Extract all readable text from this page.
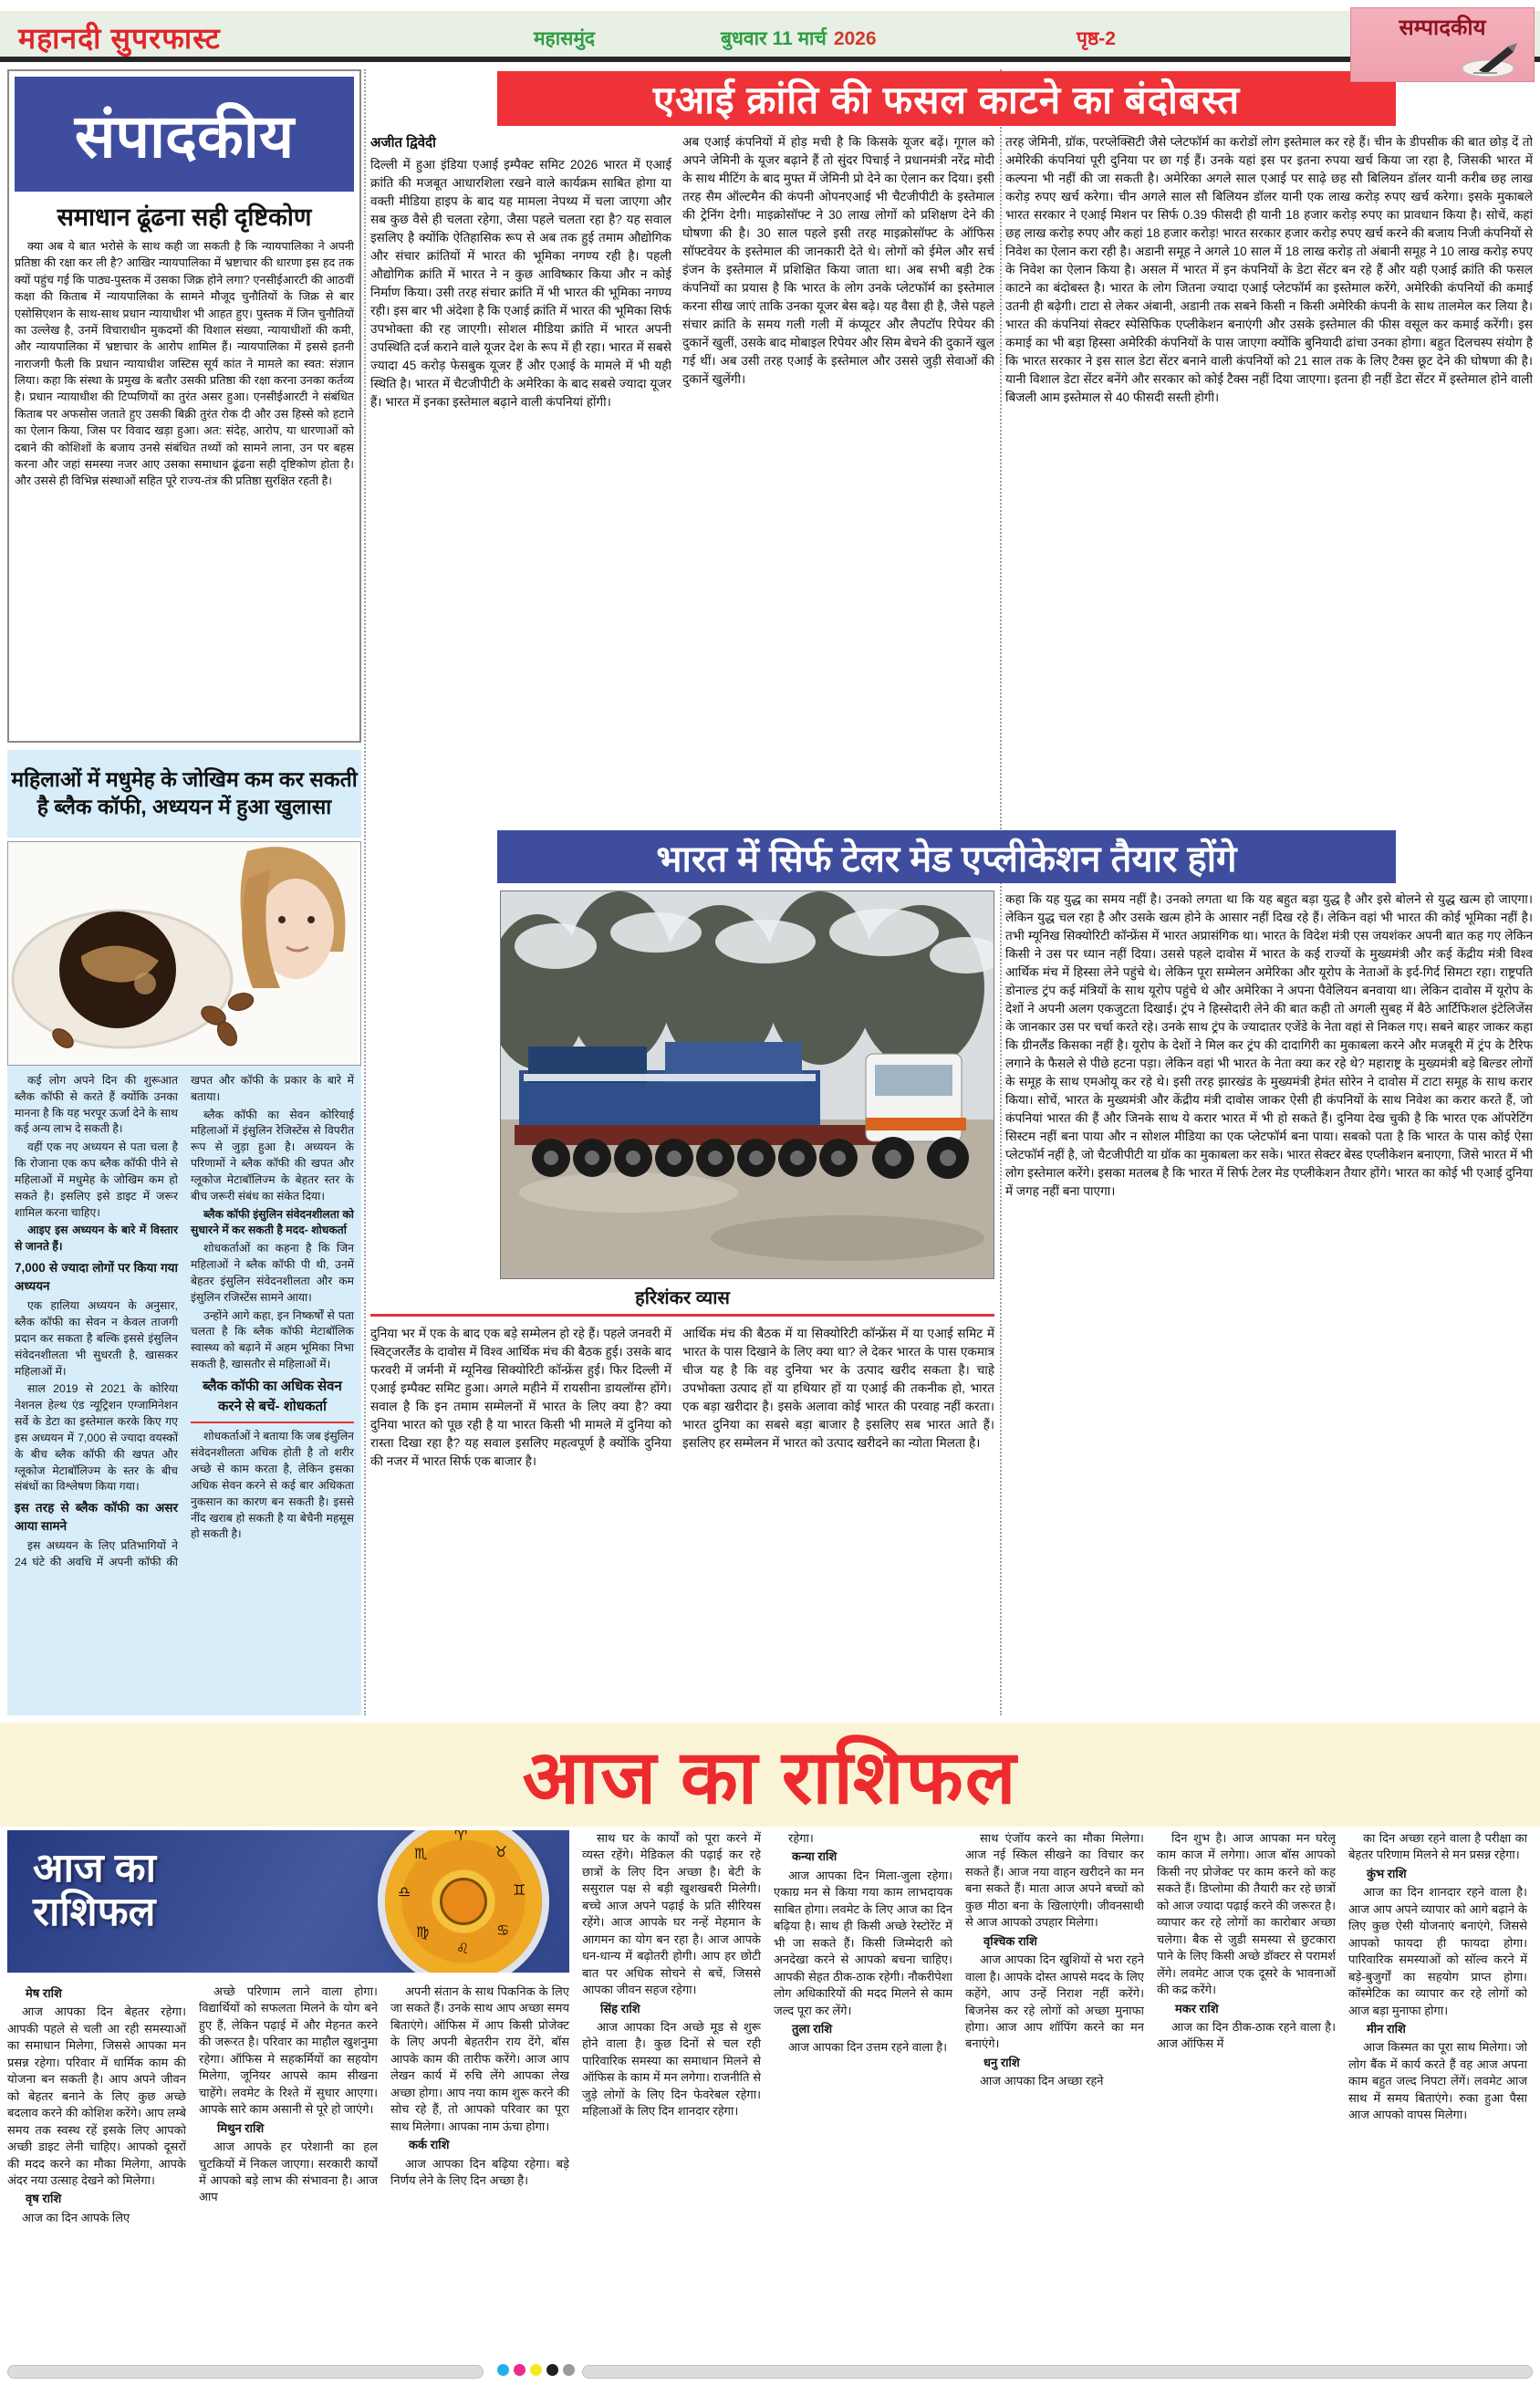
महानदी सुपरफास्ट	महासमुंद	बुधवार 11 मार्च 2026	पृष्ठ-2	सम्पादकीय
संपादकीय
समाधान ढूंढना सही दृष्टिकोण
क्या अब ये बात भरोसे के साथ कही जा सकती है कि न्यायपालिका ने अपनी प्रतिष्ठा की रक्षा कर ली है? आखिर न्यायपालिका में भ्रष्टाचार की धारणा इस हद तक क्यों पहुंच गई कि पाठ्य-पुस्तक में उसका जिक्र होने लगा? एनसीईआरटी की आठवीं कक्षा की किताब में न्यायपालिका के सामने मौजूद चुनौतियों के जिक्र से बार एसोसिएशन के साथ-साथ प्रधान न्यायाधीश भी आहत हुए। पुस्तक में जिन चुनौतियों का उल्लेख है, उनमें विचाराधीन मुकदमों की विशाल संख्या, न्यायाधीशों की कमी, और न्यायपालिका में भ्रष्टाचार के आरोप शामिल हैं। न्यायपालिका में इससे इतनी नाराजगी फैली कि प्रधान न्यायाधीश जस्टिस सूर्य कांत ने मामले का स्वत: संज्ञान लिया। कहा कि संस्था के प्रमुख के बतौर उसकी प्रतिष्ठा की रक्षा करना उनका कर्तव्य है। प्रधान न्यायाधीश की टिप्पणियों का तुरंत असर हुआ। एनसीईआरटी ने संबंधित किताब पर अफसोस जताते हुए उसकी बिक्री तुरंत रोक दी और उस हिस्से को हटाने का ऐलान किया, जिस पर विवाद खड़ा हुआ। अत: संदेह, आरोप, या धारणाओं को दबाने की कोशिशों के बजाय उनसे संबंधित तथ्यों को सामने लाना, उन पर बहस करना और जहां समस्या नजर आए उसका समाधान ढूंढना सही दृष्टिकोण होता है। और उससे ही विभिन्न संस्थाओं सहित पूरे राज्य-तंत्र की प्रतिष्ठा सुरक्षित रहती है।
एआई क्रांति की फसल काटने का बंदोबस्त

अजीत द्विवेदी

दिल्ली में हुआ इंडिया एआई इम्पैक्ट समिट 2026 भारत में एआई क्रांति की मजबूत आधारशिला रखने वाले कार्यक्रम साबित होगा या वक्ती मीडिया हाइप के बाद यह मामला नेपथ्य में चला जाएगा और सब कुछ वैसे ही चलता रहेगा, जैसा पहले चलता रहा है? यह सवाल इसलिए है क्योंकि ऐतिहासिक रूप से अब तक हुई तमाम औद्योगिक और संचार क्रांतियों में भारत की भूमिका नगण्य रही है। पहली औद्योगिक क्रांति में भारत ने न कुछ आविष्कार किया और न कोई निर्माण किया। उसी तरह संचार क्रांति में भी भारत की भूमिका नगण्य रही। इस बार भी अंदेशा है कि एआई क्रांति में भारत की भूमिका सिर्फ उपभोक्ता की रह जाएगी। सोशल मीडिया क्रांति में भारत अपनी उपस्थिति दर्ज कराने वाले यूजर देश के रूप में ही रहा। भारत में सबसे ज्यादा 45 करोड़ फेसबुक यूजर हैं और एआई के मामले में भी यही स्थिति है। भारत में चैटजीपीटी के अमेरिका के बाद सबसे ज्यादा यूजर हैं। भारत में इनका इस्तेमाल बढ़ाने वाली कंपनियां होंगी।
अब एआई कंपनियों में होड़ मची है कि किसके यूजर बढ़ें। गूगल को अपने जेमिनी के यूजर बढ़ाने हैं तो सुंदर पिचाई ने प्रधानमंत्री नरेंद्र मोदी के साथ मीटिंग के बाद मुफ्त में जेमिनी प्रो देने का ऐलान कर दिया। इसी तरह सैम ऑल्टमैन की कंपनी ओपनएआई भी चैटजीपीटी के इस्तेमाल की ट्रेनिंग देगी। माइक्रोसॉफ्ट ने 30 लाख लोगों को प्रशिक्षण देने की घोषणा की है। 30 साल पहले इसी तरह माइक्रोसॉफ्ट के ऑफिस सॉफ्टवेयर के इस्तेमाल की जानकारी देते थे। लोगों को ईमेल और सर्च इंजन के इस्तेमाल में प्रशिक्षित किया जाता था। अब सभी बड़ी टेक कंपनियों का प्रयास है कि भारत के लोग उनके प्लेटफॉर्म का इस्तेमाल करना सीख जाएं ताकि उनका यूजर बेस बढ़े। यह वैसा ही है, जैसे पहले संचार क्रांति के समय गली गली में कंप्यूटर और लैपटॉप रिपेयर की दुकानें खुलीं, उसके बाद मोबाइल रिपेयर और सिम बेचने की दुकानें खुल गई थीं। अब उसी तरह एआई के इस्तेमाल और उससे जुड़ी सेवाओं की दुकानें खुलेंगी।
तरह जेमिनी, ग्रॉक, परप्लेक्सिटी जैसे प्लेटफॉर्म का करोडों लोग इस्तेमाल कर रहे हैं। चीन के डीपसीक की बात छोड़ दें तो अमेरिकी कंपनियां पूरी दुनिया पर छा गई हैं। उनके यहां इस पर इतना रुपया खर्च किया जा रहा है, जिसकी भारत में कल्पना भी नहीं की जा सकती है। अमेरिका अगले साल एआई पर साढ़े छह सौ बिलियन डॉलर यानी करीब छह लाख करोड़ रुपए खर्च करेगा। चीन अगले साल सौ बिलियन डॉलर यानी एक लाख करोड़ रुपए खर्च करेगा। इसके मुकाबले भारत सरकार ने एआई मिशन पर सिर्फ 0.39 फीसदी ही यानी 18 हजार करोड़ रुपए का प्रावधान किया है। सोचें, कहां छह लाख करोड़ रुपए और कहां 18 हजार करोड़! भारत सरकार हजार करोड़ रुपए खर्च करने की बजाय निजी कंपनियों से निवेश का ऐलान करा रही है। अडानी समूह ने अगले 10 साल में 18 लाख करोड़ तो अंबानी समूह ने 10 लाख करोड़ रुपए के निवेश का ऐलान किया है। असल में भारत में इन कंपनियों के डेटा सेंटर बन रहे हैं और यही एआई क्रांति की फसल काटने का बंदोबस्त है। भारत के लोग जितना ज्यादा एआई प्लेटफॉर्म का इस्तेमाल करेंगे, अमेरिकी कंपनियों की कमाई उतनी ही बढ़ेगी। टाटा से लेकर अंबानी, अडानी तक सबने किसी न किसी अमेरिकी कंपनी के साथ तालमेल कर लिया है। भारत की कंपनियां सेक्टर स्पेसिफिक एप्लीकेशन बनाएंगी और उसके इस्तेमाल की फीस वसूल कर कमाई करेंगी। इस कमाई का भी बड़ा हिस्सा अमेरिकी कंपनियों के पास जाएगा क्योंकि बुनियादी ढांचा उनका होगा। बहुत दिलचस्प संयोग है कि भारत सरकार ने इस साल डेटा सेंटर बनाने वाली कंपनियों को 21 साल तक के लिए टैक्स छूट देने की घोषणा की है। यानी विशाल डेटा सेंटर बनेंगे और सरकार को कोई टैक्स नहीं दिया जाएगा। इतना ही नहीं डेटा सेंटर में इस्तेमाल होने वाली बिजली आम इस्तेमाल से 40 फीसदी सस्ती होगी।
भारत में सिर्फ टेलर मेड एप्लीकेशन तैयार होंगे
हरिशंकर व्यास
दुनिया भर में एक के बाद एक बड़े सम्मेलन हो रहे हैं। पहले जनवरी में स्विट्जरलैंड के दावोस में विश्व आर्थिक मंच की बैठक हुई। उसके बाद फरवरी में जर्मनी में म्यूनिख सिक्योरिटी कॉन्फ्रेंस हुई। फिर दिल्ली में एआई इम्पैक्ट समिट हुआ। अगले महीने में रायसीना डायलॉग्स होंगे। सवाल है कि इन तमाम सम्मेलनों में भारत के लिए क्या है? क्या दुनिया भारत को पूछ रही है या भारत किसी भी मामले में दुनिया को रास्ता दिखा रहा है? यह सवाल इसलिए महत्वपूर्ण है क्योंकि दुनिया की नजर में भारत सिर्फ एक बाजार है।
आर्थिक मंच की बैठक में या सिक्योरिटी कॉन्फ्रेंस में या एआई समिट में भारत के पास दिखाने के लिए क्या था? ले देकर भारत के पास एकमात्र चीज यह है कि वह दुनिया भर के उत्पाद खरीद सकता है। चाहे उपभोक्ता उत्पाद हों या हथियार हों या एआई की तकनीक हो, भारत एक बड़ा खरीदार है। इसके अलावा कोई भारत की परवाह नहीं करता। भारत दुनिया का सबसे बड़ा बाजार है इसलिए सब भारत आते हैं। इसलिए हर सम्मेलन में भारत को उत्पाद खरीदने का न्योता मिलता है।
कहा कि यह युद्ध का समय नहीं है। उनको लगता था कि यह बहुत बड़ा युद्ध है और इसे बोलने से युद्ध खत्म हो जाएगा। लेकिन युद्ध चल रहा है और उसके खत्म होने के आसार नहीं दिख रहे हैं। लेकिन वहां भी भारत की कोई भूमिका नहीं है। तभी म्यूनिख सिक्योरिटी कॉन्फ्रेंस में भारत अप्रासंगिक था। भारत के विदेश मंत्री एस जयशंकर अपनी बात कह गए लेकिन किसी ने उस पर ध्यान नहीं दिया। उससे पहले दावोस में भारत के कई राज्यों के मुख्यमंत्री और कई केंद्रीय मंत्री विश्व आर्थिक मंच में हिस्सा लेने पहुंचे थे। लेकिन पूरा सम्मेलन अमेरिका और यूरोप के नेताओं के इर्द-गिर्द सिमटा रहा। राष्ट्रपति डोनाल्ड ट्रंप कई मंत्रियों के साथ यूरोप पहुंचे थे और अमेरिका ने अपना पैवेलियन बनवाया था। लेकिन दावोस में यूरोप के देशों ने अपनी अलग एकजुटता दिखाई। ट्रंप ने हिस्सेदारी लेने की बात कही तो अगली सुबह में बैठे आर्टिफिशल इंटेलिजेंस के जानकार उस पर चर्चा करते रहे। उनके साथ ट्रंप के ज्यादातर एजेंडे के नेता वहां से निकल गए। सबने बाहर जाकर कहा कि ग्रीनलैंड किसका नहीं है। यूरोप के देशों ने मिल कर ट्रंप की दादागिरी का मुकाबला करने और मजबूरी में ट्रंप के टैरिफ लगाने के फैसले से पीछे हटना पड़ा। लेकिन वहां भी भारत के नेता क्या कर रहे थे? महाराष्ट्र के मुख्यमंत्री बड़े बिल्डर लोगों के समूह के साथ एमओयू कर रहे थे। इसी तरह झारखंड के मुख्यमंत्री हेमंत सोरेन ने दावोस में टाटा समूह के साथ करार किया। सोचें, भारत के मुख्यमंत्री और केंद्रीय मंत्री दावोस जाकर ऐसी ही कंपनियों के साथ निवेश का करार करते हैं, जो कंपनियां भारत की हैं और जिनके साथ ये करार भारत में भी हो सकते हैं। दुनिया देख चुकी है कि भारत एक ऑपरेटिंग सिस्टम नहीं बना पाया और न सोशल मीडिया का एक प्लेटफॉर्म बना पाया। सबको पता है कि भारत के पास कोई ऐसा प्लेटफॉर्म नहीं है, जो चैटजीपीटी या ग्रॉक का मुकाबला कर सके। भारत सेक्टर बेस्ड एप्लीकेशन बनाएगा, जिसे भारत में भी लोग इस्तेमाल करेंगे। इसका मतलब है कि भारत में सिर्फ टेलर मेड एप्लीकेशन तैयार होंगे। भारत का कोई भी एआई दुनिया में जगह नहीं बना पाएगा।
महिलाओं में मधुमेह के जोखिम कम कर सकती
है ब्लैक कॉफी, अध्ययन में हुआ खुलासा

कई लोग अपने दिन की शुरूआत ब्लैक कॉफी से करते हैं क्योंकि उनका मानना है कि यह भरपूर ऊर्जा देने के साथ कई अन्य लाभ दे सकती है।

वहीं एक नए अध्ययन से पता चला है कि रोजाना एक कप ब्लैक कॉफी पीने से महिलाओं में मधुमेह के जोखिम कम हो सकते है। इसलिए इसे डाइट में जरूर शामिल करना चाहिए।

आइए इस अध्ययन के बारे में विस्तार से जानते हैं।

7,000 से ज्यादा लोगों पर किया गया अध्ययन

एक हालिया अध्ययन के अनुसार, ब्लैक कॉफी का सेवन न केवल ताजगी प्रदान कर सकता है बल्कि इससे इंसुलिन संवेदनशीलता भी सुधरती है, खासकर महिलाओं में।

साल 2019 से 2021 के कोरिया नेशनल हेल्थ एंड न्यूट्रिशन एग्जामिनेशन सर्वे के डेटा का इस्तेमाल करके किए गए इस अध्ययन में 7,000 से ज्यादा वयस्कों के बीच ब्लैक कॉफी की खपत और ग्लूकोज मेटाबॉलिज्म के स्तर के बीच संबंधों का विश्लेषण किया गया।

इस तरह से ब्लैक कॉफी का असर आया सामने

इस अध्ययन के लिए प्रतिभागियों ने 24 घंटे की अवधि में अपनी कॉफी की खपत और कॉफी के प्रकार के बारे में बताया।

ब्लैक कॉफी का सेवन कोरियाई महिलाओं में इंसुलिन रेजिस्टेंस से विपरीत रूप से जुड़ा हुआ है। अध्ययन के परिणामों ने ब्लैक कॉफी की खपत और ग्लूकोज मेटाबॉलिज्म के बेहतर स्तर के बीच जरूरी संबंध का संकेत दिया।

ब्लैक कॉफी इंसुलिन संवेदनशीलता को सुधारने में कर सकती है मदद- शोधकर्ता

शोधकर्ताओं का कहना है कि जिन महिलाओं ने ब्लैक कॉफी पी थी, उनमें बेहतर इंसुलिन संवेदनशीलता और कम इंसुलिन रजिस्टेंस सामने आया।

उन्होंने आगे कहा, इन निष्कर्षों से पता चलता है कि ब्लैक कॉफी मेटाबॉलिक स्वास्थ्य को बढ़ाने में अहम भूमिका निभा सकती है, खासतौर से महिलाओं में।

ब्लैक कॉफी का अधिक सेवन करने से बचें- शोधकर्ता

शोधकर्ताओं ने बताया कि जब इंसुलिन संवेदनशीलता अधिक होती है तो शरीर अच्छे से काम करता है, लेकिन इसका अधिक सेवन करने से कई बार अधिकता नुकसान का कारण बन सकती है। इससे नींद खराब हो सकती है या बेचैनी महसूस हो सकती है।

आज का राशिफल
आज का
राशिफल
♈
♉
♊
♋
♌
♍
♎
♏
मेष राशि

आज आपका दिन बेहतर रहेगा। आपकी पहले से चली आ रही समस्याओं का समाधान मिलेगा, जिससे आपका मन प्रसन्न रहेगा। परिवार में धार्मिक काम की योजना बन सकती है। आप अपने जीवन को बेहतर बनाने के लिए कुछ अच्छे बदलाव करने की कोशिश करेंगे। आप लम्बे समय तक स्वस्थ रहें इसके लिए आपको अच्छी डाइट लेनी चाहिए। आपको दूसरों की मदद करने का मौका मिलेगा, आपके अंदर नया उत्साह देखने को मिलेगा।

वृष राशि

आज का दिन आपके लिए

अच्छे परिणाम लाने वाला होगा। विद्यार्थियों को सफलता मिलने के योग बने हुए हैं, लेकिन पढ़ाई में और मेहनत करने की जरूरत है। परिवार का माहौल खुशनुमा रहेगा। ऑफिस मे सहकर्मियों का सहयोग मिलेगा, जूनियर आपसे काम सीखना चाहेंगे। लवमेट के रिश्ते में सुधार आएगा। आपके सारे काम असानी से पूरे हो जाएंगे।

मिथुन राशि

आज आपके हर परेशानी का हल चुटकियों में निकल जाएगा। सरकारी कार्यों में आपको बड़े लाभ की संभावना है। आज आप

अपनी संतान के साथ पिकनिक के लिए जा सकते हैं। उनके साथ आप अच्छा समय बिताएंगे। ऑफिस में आप किसी प्रोजेक्ट के लिए अपनी बेहतरीन राय देंगे, बॉस आपके काम की तारीफ करेंगे। आज आप लेखन कार्य में रुचि लेंगे आपका लेख अच्छा होगा। आप नया काम शुरू करने की सोच रहे हैं, तो आपको परिवार का पूरा साथ मिलेगा। आपका नाम ऊंचा होगा।

कर्क राशि

आज आपका दिन बढ़िया रहेगा। बड़े निर्णय लेने के लिए दिन अच्छा है।

साथ घर के कार्यों को पूरा करने में व्यस्त रहेंगे। मेडिकल की पढ़ाई कर रहे छात्रों के लिए दिन अच्छा है। बेटी के ससुराल पक्ष से बड़ी खुशखबरी मिलेगी। बच्चे आज अपने पढ़ाई के प्रति सीरियस रहेंगे। आज आपके घर नन्हें मेहमान के आगमन का योग बन रहा है। आज आपके धन-धान्य में बढ़ोतरी होगी। आप हर छोटी बात पर अधिक सोचने से बचें, जिससे आपका जीवन सहज रहेगा।

सिंह राशि

आज आपका दिन अच्छे मूड से शुरू होने वाला है। कुछ दिनों से चल रही पारिवारिक समस्या का समाधान मिलने से ऑफिस के काम में मन लगेगा। राजनीति से जुड़े लोगों के लिए दिन फेवरेबल रहेगा। महिलाओं के लिए दिन शानदार रहेगा।

रहेगा।

कन्या राशि

आज आपका दिन मिला-जुला रहेगा। एकाग्र मन से किया गया काम लाभदायक साबित होगा। लवमेट के लिए आज का दिन बढ़िया है। साथ ही किसी अच्छे रेस्टोरेंट में भी जा सकते हैं। किसी जिम्मेदारी को अनदेखा करने से आपको बचना चाहिए। आपकी सेहत ठीक-ठाक रहेगी। नौकरीपेशा लोग अधिकारियों की मदद मिलने से काम जल्द पूरा कर लेंगे।

तुला राशि

आज आपका दिन उत्तम रहने वाला है।

साथ एंजॉय करने का मौका मिलेगा। आज नई स्किल सीखने का विचार कर सकते हैं। आज नया वाहन खरीदने का मन बना सकते हैं। माता आज अपने बच्चों को कुछ मीठा बना के खिलाएंगी। जीवनसाथी से आज आपको उपहार मिलेगा।

वृश्चिक राशि

आज आपका दिन खुशियों से भरा रहने वाला है। आपके दोस्त आपसे मदद के लिए कहेंगे, आप उन्हें निराश नहीं करेंगे। बिजनेस कर रहे लोगों को अच्छा मुनाफा होगा। आज आप शॉपिंग करने का मन बनाएंगे।

धनु राशि

आज आपका दिन अच्छा रहने

दिन शुभ है। आज आपका मन घरेलू काम काज में लगेगा। आज बॉस आपको किसी नए प्रोजेक्ट पर काम करने को कह सकते हैं। डिप्लोमा की तैयारी कर रहे छात्रों को आज ज्यादा पढ़ाई करने की जरूरत है। व्यापार कर रहे लोगों का कारोबार अच्छा चलेगा। बैक से जुडी समस्या से छुटकारा पाने के लिए किसी अच्छे डॉक्टर से परामर्श लेंगे। लवमेट आज एक दूसरे के भावनाओं की कद्र करेंगे।

मकर राशि

आज का दिन ठीक-ठाक रहने वाला है। आज ऑफिस में

का दिन अच्छा रहने वाला है परीक्षा का बेहतर परिणाम मिलने से मन प्रसन्न रहेगा।

कुंभ राशि

आज का दिन शानदार रहने वाला है। आज आप अपने व्यापार को आगे बढ़ाने के लिए कुछ ऐसी योजनाएं बनाएंगे, जिससे आपको फायदा ही फायदा होगा। पारिवारिक समस्याओं को सॉल्व करने में बड़े-बुजुर्गों का सहयोग प्राप्त होगा। कॉस्मेटिक का व्यापार कर रहे लोगों को आज बड़ा मुनाफा होगा।

मीन राशि

आज किस्मत का पूरा साथ मिलेगा। जो लोग बैंक में कार्य करते हैं वह आज अपना काम बहुत जल्द निपटा लेंगें। लवमेट आज साथ में समय बिताएंगे। रुका हुआ पैसा आज आपको वापस मिलेगा।
